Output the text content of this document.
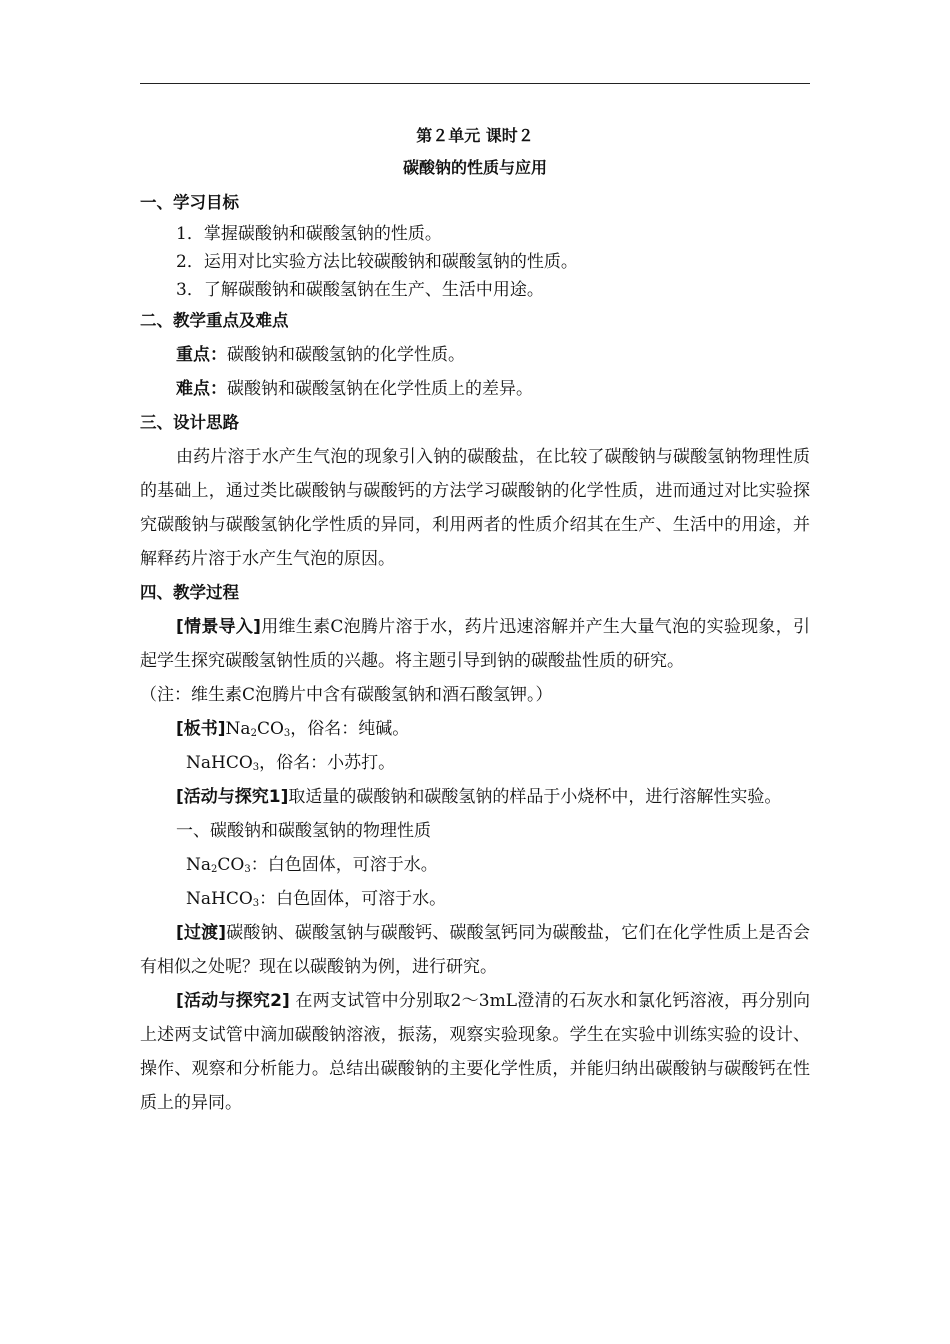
第２单元 课时２
碳酸钠的性质与应用
一、学习目标
1．掌握碳酸钠和碳酸氢钠的性质。
2．运用对比实验方法比较碳酸钠和碳酸氢钠的性质。
3．了解碳酸钠和碳酸氢钠在生产、生活中用途。
二、教学重点及难点
重点：碳酸钠和碳酸氢钠的化学性质。
难点：碳酸钠和碳酸氢钠在化学性质上的差异。
三、设计思路
由药片溶于水产生气泡的现象引入钠的碳酸盐，在比较了碳酸钠与碳酸氢钠物理性质的基础上，通过类比碳酸钠与碳酸钙的方法学习碳酸钠的化学性质，进而通过对比实验探究碳酸钠与碳酸氢钠化学性质的异同，利用两者的性质介绍其在生产、生活中的用途，并解释药片溶于水产生气泡的原因。
四、教学过程
[情景导入]用维生素C泡腾片溶于水，药片迅速溶解并产生大量气泡的实验现象，引起学生探究碳酸氢钠性质的兴趣。将主题引导到钠的碳酸盐性质的研究。
（注：维生素C泡腾片中含有碳酸氢钠和酒石酸氢钾。）
[板书]$Na_2CO_3$，俗名：纯碱。
NaHCO$_3$，俗名：小苏打。
[活动与探究1]取适量的碳酸钠和碳酸氢钠的样品于小烧杯中，进行溶解性实验。
一、碳酸钠和碳酸氢钠的物理性质
$Na_2CO_3$：白色固体，可溶于水。
NaHCO$_3$：白色固体，可溶于水。
[过渡]碳酸钠、碳酸氢钠与碳酸钙、碳酸氢钙同为碳酸盐，它们在化学性质上是否会有相似之处呢？现在以碳酸钠为例，进行研究。
[活动与探究2] 在两支试管中分别取2～3mL澄清的石灰水和氯化钙溶液，再分别向上述两支试管中滴加碳酸钠溶液，振荡，观察实验现象。学生在实验中训练实验的设计、操作、观察和分析能力。总结出碳酸钠的主要化学性质，并能归纳出碳酸钠与碳酸钙在性质上的异同。
